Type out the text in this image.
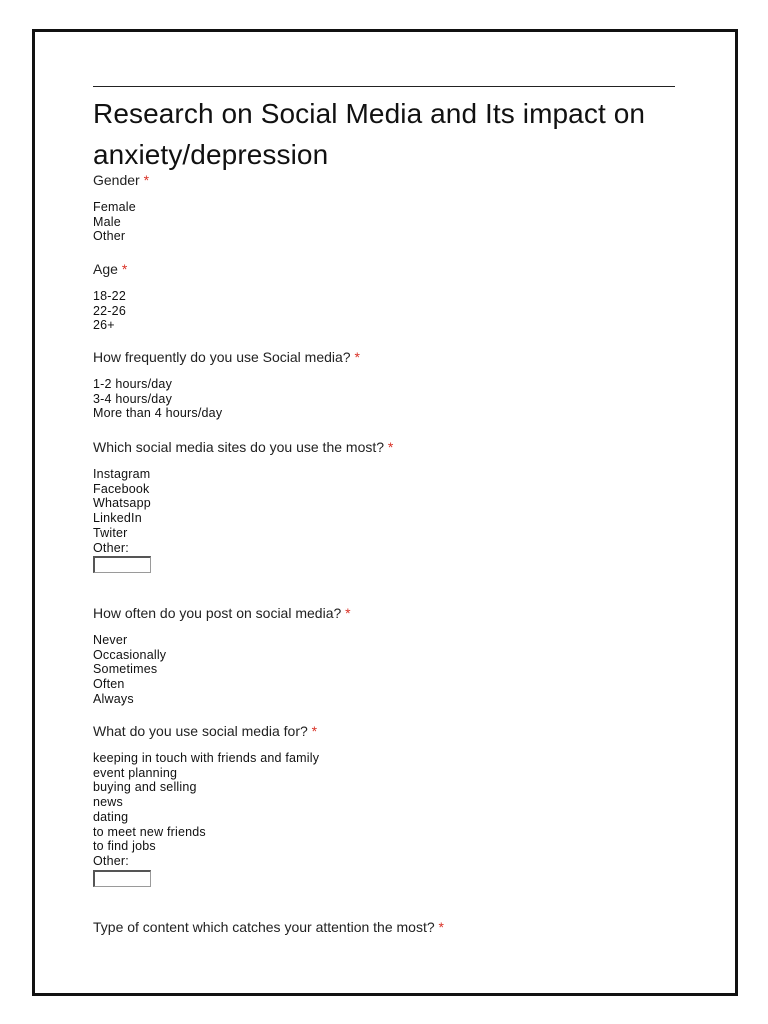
Research on Social Media and Its impact on anxiety/depression

Gender *

Female
Male
Other

Age *

18-22
22-26
26+

How frequently do you use Social media? *

1-2 hours/day
3-4 hours/day
More than 4 hours/day

Which social media sites do you use the most? *

Instagram
Facebook
Whatsapp
LinkedIn
Twiter
Other:

How often do you post on social media? *

Never
Occasionally
Sometimes
Often
Always

What do you use social media for? *

keeping in touch with friends and family
event planning
buying and selling
news
dating
to meet new friends
to find jobs
Other:

Type of content which catches your attention the most? *
